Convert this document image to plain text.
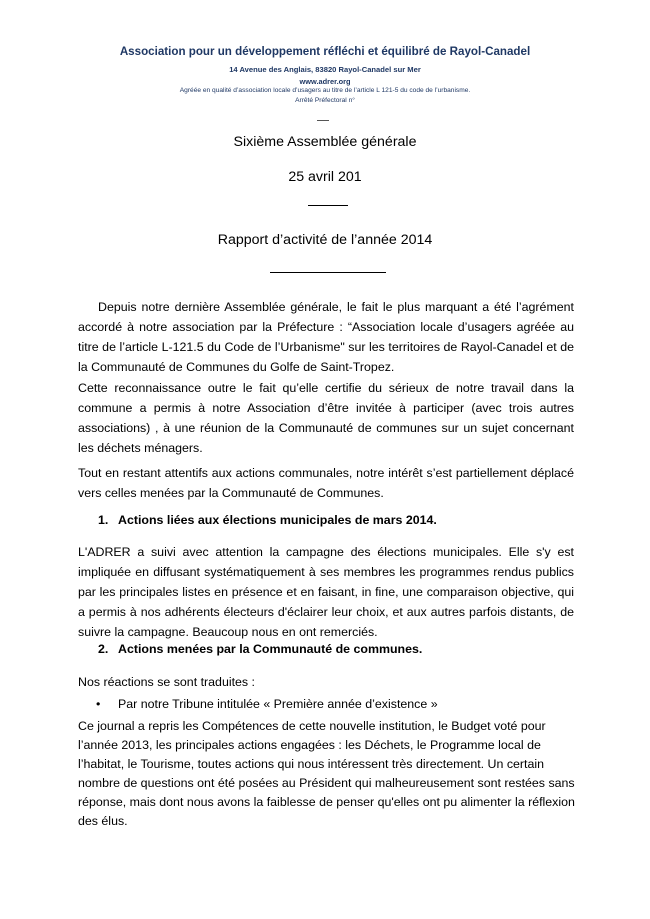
Association pour un développement réfléchi et équilibré de Rayol-Canadel
14 Avenue des Anglais, 83820 Rayol-Canadel sur Mer
www.adrer.org
Agréée en qualité d’association locale d’usagers au titre de l’article L 121-5 du code de l’urbanisme.
Arrêté Préfectoral n°
Sixième Assemblée générale
25 avril 201
Rapport d’activité de l’année 2014
Depuis notre dernière Assemblée générale, le fait le plus marquant a été l’agrément accordé à notre association par la Préfecture : “Association locale d’usagers agréée au titre de l’article L-121.5 du Code de l’Urbanisme" sur les territoires de Rayol-Canadel et de la Communauté de Communes du Golfe de Saint-Tropez.
Cette reconnaissance outre le fait qu’elle certifie du sérieux de notre travail dans la commune a permis à notre Association d’être invitée à participer (avec trois autres associations) , à une réunion de la Communauté de communes sur un sujet concernant les déchets ménagers.
Tout en restant attentifs aux actions communales, notre intérêt s’est partiellement déplacé vers celles menées par la Communauté de Communes.
1. Actions liées aux élections municipales de mars 2014.
L'ADRER a suivi avec attention la campagne des élections municipales. Elle s'y est impliquée en diffusant systématiquement à ses membres les programmes rendus publics par les principales listes en présence et en faisant, in fine, une comparaison objective, qui a permis à nos adhérents électeurs d'éclairer leur choix, et aux autres parfois distants, de suivre la campagne. Beaucoup nous en ont remerciés.
2. Actions menées par la Communauté de communes.
Nos réactions se sont traduites :
• Par notre Tribune intitulée « Première année d’existence »
Ce journal a repris les Compétences de cette nouvelle institution, le Budget voté pour l’année 2013, les principales actions engagées : les Déchets, le Programme local de l’habitat, le Tourisme, toutes actions qui nous intéressent très directement. Un certain nombre de questions ont été posées au Président qui malheureusement sont restées sans réponse, mais dont nous avons la faiblesse de penser qu'elles ont pu alimenter la réflexion des élus.
